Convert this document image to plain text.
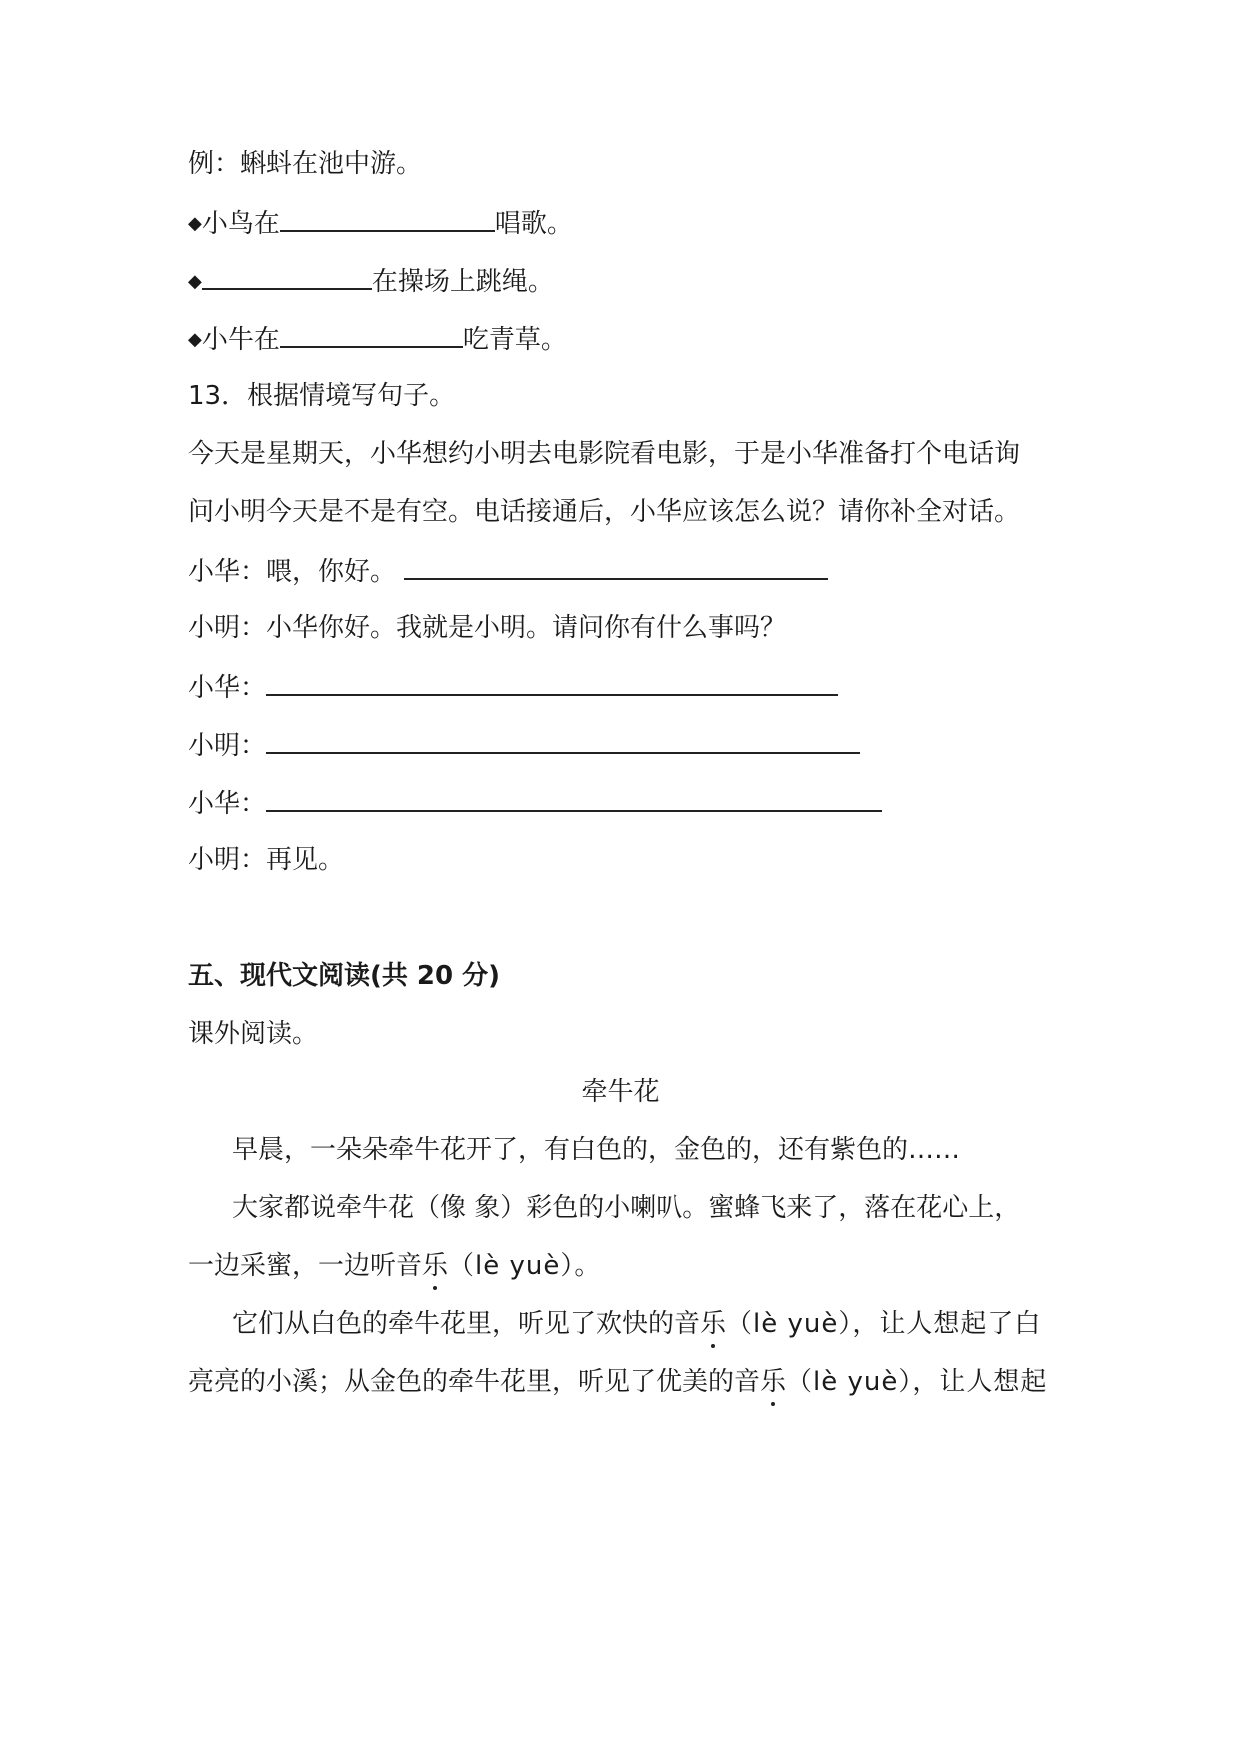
例：蝌蚪在池中游。
◆小鸟在	唱歌。
◆	在操场上跳绳。
◆小牛在	吃青草。
13．根据情境写句子。
今天是星期天，小华想约小明去电影院看电影，于是小华准备打个电话询
问小明今天是不是有空。电话接通后，小华应该怎么说？请你补全对话。
小华：喂，你好。
小明：小华你好。我就是小明。请问你有什么事吗？
小华：
小明：
小华：
小明：再见。
五、现代文阅读(共 20 分)
课外阅读。
牵牛花
早晨，一朵朵牵牛花开了，有白色的，金色的，还有紫色的……
大家都说牵牛花（像 象）彩色的小喇叭。蜜蜂飞来了，落在花心上，
一边采蜜，一边听音乐（lè yuè）。
它们从白色的牵牛花里，听见了欢快的音乐（lè yuè），让人想起了白
亮亮的小溪；从金色的牵牛花里，听见了优美的音乐（lè yuè），让人想起
